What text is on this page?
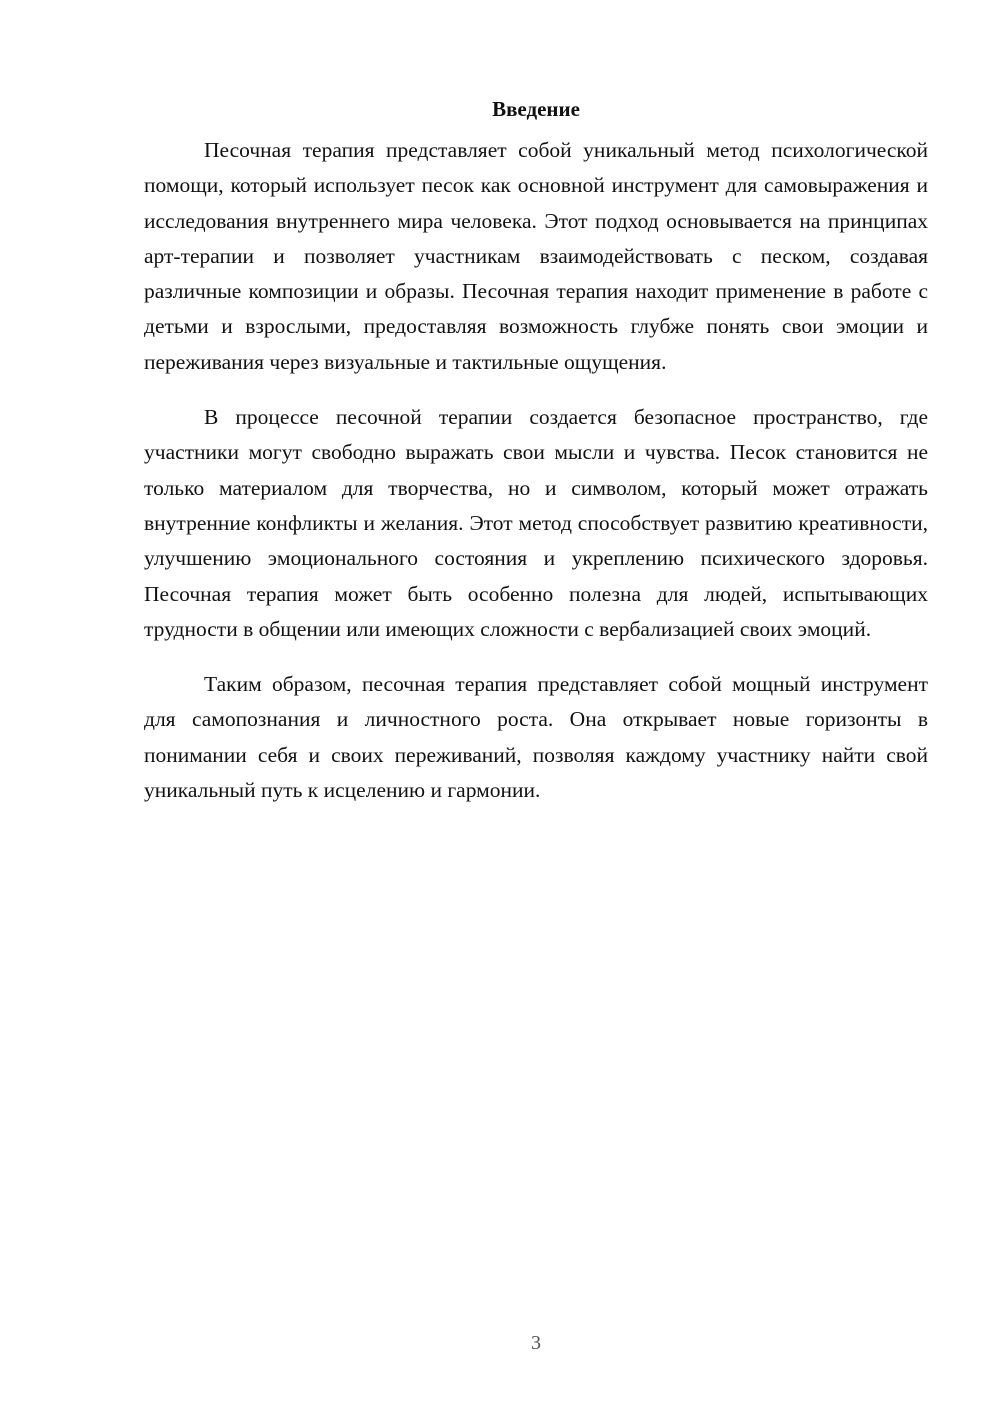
Введение

Песочная терапия представляет собой уникальный метод психологической помощи, который использует песок как основной инструмент для самовыражения и исследования внутреннего мира человека. Этот подход основывается на принципах арт-терапии и позволяет участникам взаимодействовать с песком, создавая различные композиции и образы. Песочная терапия находит применение в работе с детьми и взрослыми, предоставляя возможность глубже понять свои эмоции и переживания через визуальные и тактильные ощущения.

В процессе песочной терапии создается безопасное пространство, где участники могут свободно выражать свои мысли и чувства. Песок становится не только материалом для творчества, но и символом, который может отражать внутренние конфликты и желания. Этот метод способствует развитию креативности, улучшению эмоционального состояния и укреплению психического здоровья. Песочная терапия может быть особенно полезна для людей, испытывающих трудности в общении или имеющих сложности с вербализацией своих эмоций.

Таким образом, песочная терапия представляет собой мощный инструмент для самопознания и личностного роста. Она открывает новые горизонты в понимании себя и своих переживаний, позволяя каждому участнику найти свой уникальный путь к исцелению и гармонии.

3
